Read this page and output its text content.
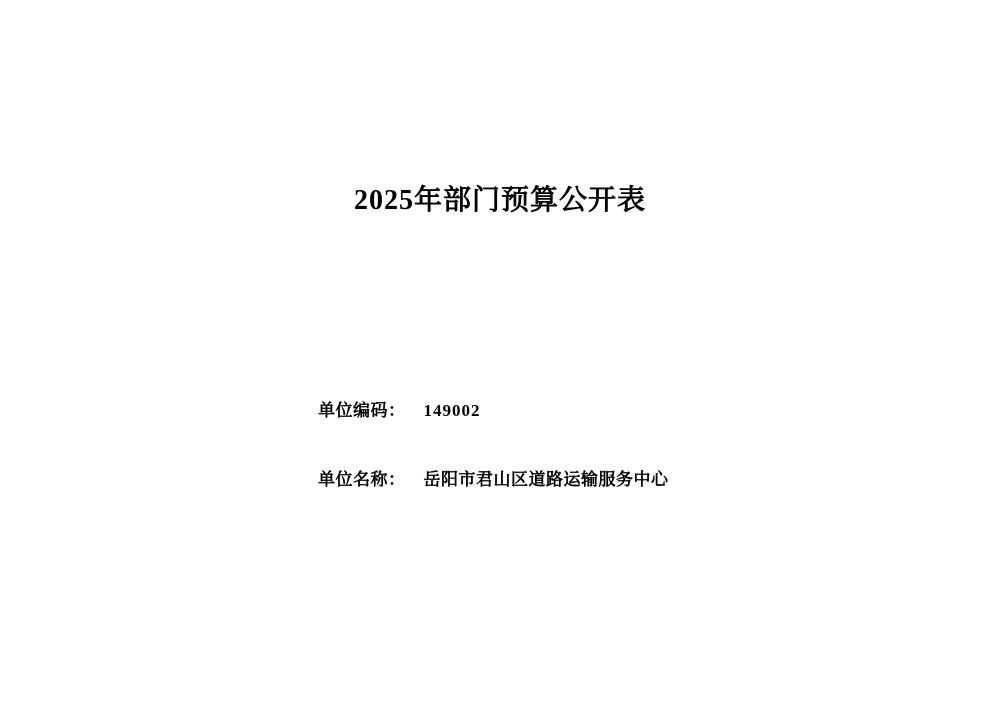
2025年部门预算公开表
单位编码： 149002
单位名称： 岳阳市君山区道路运输服务中心
